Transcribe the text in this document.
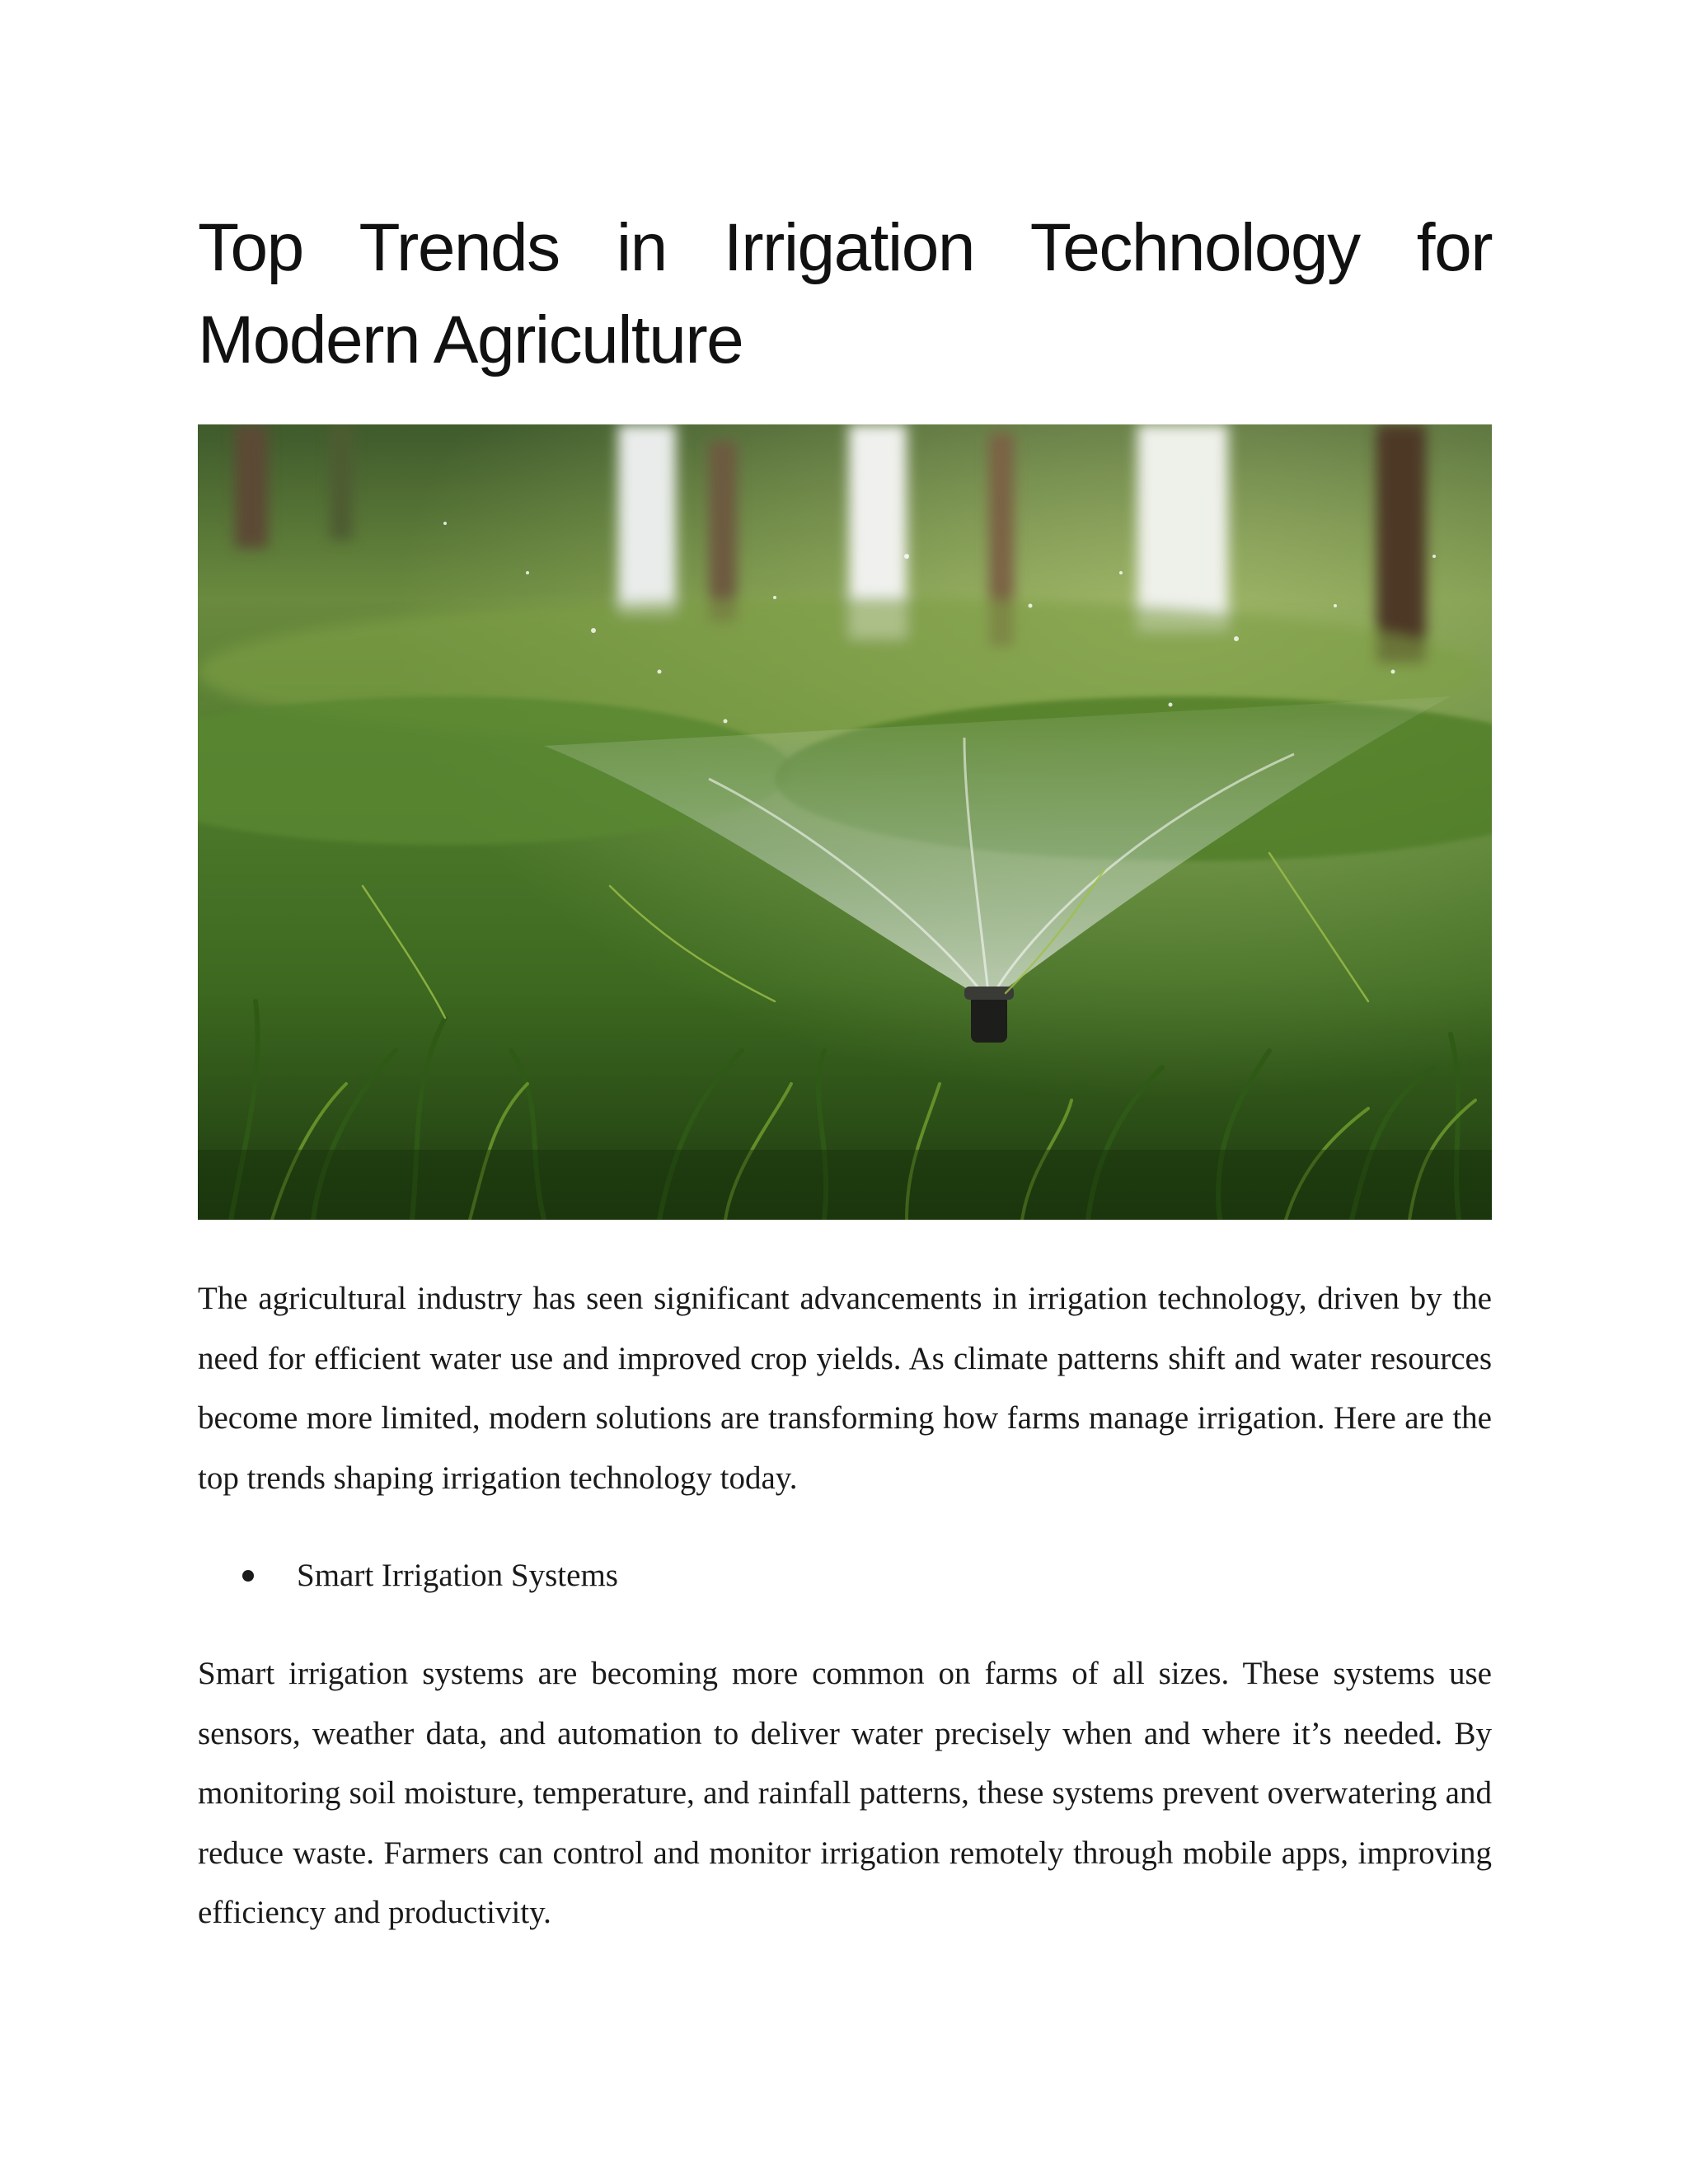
Top Trends in Irrigation Technology for Modern Agriculture

The agricultural industry has seen significant advancements in irrigation technology, driven by the need for efficient water use and improved crop yields. As climate patterns shift and water resources become more limited, modern solutions are transforming how farms manage irrigation. Here are the top trends shaping irrigation technology today.

Smart Irrigation Systems

Smart irrigation systems are becoming more common on farms of all sizes. These systems use sensors, weather data, and automation to deliver water precisely when and where it’s needed. By monitoring soil moisture, temperature, and rainfall patterns, these systems prevent overwatering and reduce waste. Farmers can control and monitor irrigation remotely through mobile apps, improving efficiency and productivity.
